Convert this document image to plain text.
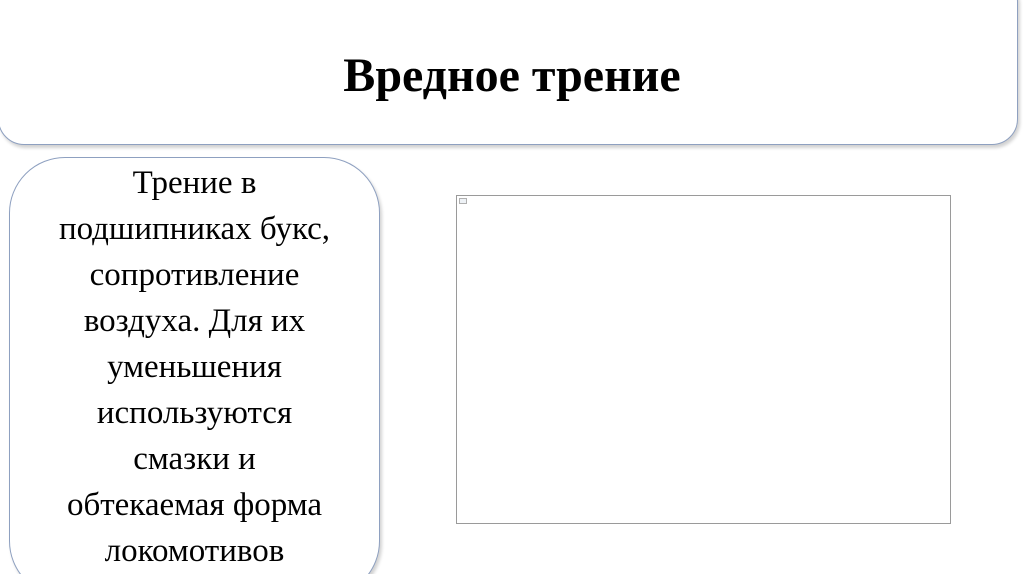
Вредное трение

Трение в
подшипниках букс,
сопротивление
воздуха. Для их
уменьшения
используются
смазки и
обтекаемая форма
локомотивов
